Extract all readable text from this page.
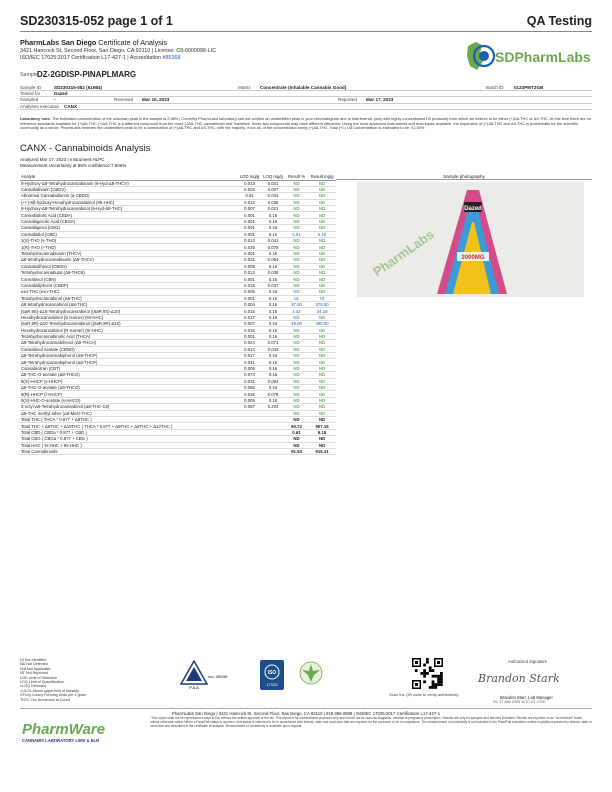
SD230315-052 page 1 of 1	QA Testing
PharmLabs San Diego Certificate of Analysis
3421 Hancock St, Second Floor, San Diego, CA 92110 | License: C8-0000098-LIC
ISO/IEC 17025:2017 Certification L17-427-1 | Accreditation #85368	SDPharmLabs
Sample DZ-2GDISP-PINAPLMARG
Sample ID	SD230315-052 (61984)	Matrix	Concentrate (Inhalable Cannabis Good)	Batch ID	0123PMT2GB
Tested for	Dazed
Sampled	-	Received	Mar 15, 2023	Reported	Mar 17, 2023
Analyses executed CANX
Laboratory note: The estimated concentration of the unknown peak in the sample is 2.36% | Currently PharmLabs laboratory can not confirm an unidentified peak in your chromatogram due to interference (only with highly concentrated D9 products) from which we believe to be either (+)Δ8-THC or Δ9-THC. At this time there are no reference standards available for (+)Δ8-THC (+)Δ9-THC is a different compound from the more (-)Δ8-THC cannabinoid and, therefore, these two compounds may have different efficacies. Using the most advanced instruments and techniques available, the separation of (+)Δ8-THC and Δ9-THC is problematic for the scientific community as a whole. PharmLabs believes the unidentified peak to be a combination of (+)Δ8-THC and Δ9-THC, with the majority, if not all, of the concentration being (+)Δ8-THC. Total (+/-) D8 Concentration is estimated to be: 51.50%
CANX - Cannabinoids Analysis
Analyzed Mar 17, 2023 | Instrument HLPC
Measurement Uncertainty at 95% confidence:7.606%
Analyte	LOD mg/g	LOQ mg/g	Result %	Result mg/g
9-Hydroxy-Δ8-Tetrahydrocannabivarin (9-Hyd-Δ8-THCV)	0.013	0.041	ND	ND
Cannabidivarin (CBDV)	0.002	0.007	ND	ND
Abnormal Cannabidiorcin (a-CBDO)	0.01	0.031	ND	ND
(+/-)-9β-hydroxy-Hexahydrocannabinol (9b-HHC)	0.012	0.036	ND	ND
9-Hydroxy-Δ8-Tetrahydrocannabinol (9-Hyd-Δ8-THC)	0.007	0.021	ND	ND
Cannabidiolic Acid (CBDA)	0.001	0.16	ND	ND
Cannabigerolic Acid (CBGA)	0.001	0.16	ND	ND
Cannabigerol (CBG)	0.001	0.16	ND	ND
Cannabidiol (CBD)	0.001	0.16	0.61	6.15
1(S)-THO (s-THO)	0.013	0.041	ND	ND
1(R)-THO (r-THO)	0.025	0.075	ND	ND
Tetrahydrocannabivarin (THCV)	0.001	0.16	ND	ND
Δ8-tetrahydrocannabivarin (Δ8-THCV)	0.021	0.064	ND	ND
Cannabidihexol (CBDH)	0.005	0.16	ND	ND
Tetrahydrocannabutol (Δ9-THCB)	0.013	0.038	ND	ND
Cannabinol (CBN)	0.001	0.16	ND	ND
Cannabidiphorol (CBDP)	0.015	0.047	ND	ND
exo-THC (exo-THC)	0.005	0.16	ND	ND
Tetrahydrocannabinol (Δ9-THC)	0.001	0.16	UI	UI
Δ8-tetrahydrocannabinol (Δ8-THC)	0.004	0.16	37.50	375.00
(6aR,9S)-Δ10-Tetrahydrocannabinol ((6aR,9S)-Δ10)	0.015	0.16	3.42	34.16
Hexahydrocannabinol (S Isomer) (9s-HHC)	0.017	0.16	ND	ND
(6aR,9R)-Δ10-Tetrahydrocannabinol ((6aR,9R)-Δ10)	0.007	0.16	49.00	490.00
Hexahydrocannabinol (R Isomer) (9r-HHC)	0.016	0.16	ND	ND
Tetrahydrocannabinolic Acid (THCA)	0.001	0.16	ND	ND
Δ9-Tetrahydrocannabihexol (Δ9-THCH)	0.024	0.071	ND	ND
Cannabinol Acetate (CBNO)	0.014	0.043	ND	ND
Δ9-Tetrahydrocannabiphorol (Δ9-THCP)	0.017	0.16	ND	ND
Δ8-Tetrahydrocannabiphorol (Δ8-THCP)	0.041	0.16	ND	ND
Cannabicitran (CBT)	0.005	0.16	ND	ND
Δ8-THC-O-acetate (Δ8-THCO)	0.074	0.16	ND	ND
9(S)-HHCP (s-HHCP)	0.031	0.094	ND	ND
Δ9-THC-O-acetate (Δ9-THCO)	0.066	0.16	ND	ND
9(R)-HHCP (r-HHCP)	0.026	0.079	ND	ND
9(S)-HHC-O-acetate (s-HHCO)	0.005	0.16	ND	ND
3-octyl-Δ8-Tetrahydrocannabinol (Δ8-THC-C8)	0.067	0.204	ND	ND
Δ9-THC methyl ether (Δ9-MeO-THC)			ND	ND
Total THC ( THCA * 0.877 + Δ9THC )			ND	ND
Total THC + Δ8THC + Δ10THC ( THCA * 0.877 + Δ9THC + Δ8THC + Δ10THC )			90.72	907.16
Total CBD ( CBDa * 0.877 + CBD )			0.61	6.15
Total CBG ( CBGa * 0.877 + CBG )			ND	ND
Total HHC ( 9r-HHC + 9s-HHC )			ND	ND
Total Cannabinoids			91.53	915.31
Sample photography
Dazed
2000MG
PharmLabs
UI Not Identified
ND Not Detected
N/A Not Applicable
NT Not Reported
LOD Limit of Detection
LOQ Limit of Quantification
<LOQ Detected
>ULOL Above upper limit of linearity
CFU/g Colony Forming Units per 1 gram
TNTC Too Numerous to Count
PJLA
Acc. #85368
ISO
17025
Scan the QR code to verify authenticity.
Authorized Signature
Brandon Stark
Brandon Starr, Lab Manager
Fri, 17 Mar 2023 11:27:23 -0700
PharmWare
CANNABIS LABORATORY LIMS & ELN
PharmLabs San Diego | 3421 Hancock St, Second Floor, San Diego, CA 92110 | 619.356.0898 | ISO/IEC 17025:2017 Certification L17-427-1
*This report shall not be reproduced except in full, without the written approval of the lab. This report is for informational purposes only and should not be used as diagnosis, medical or pregnancy prescription. Results are only for samples and batches indicated. Results are reported on an "as received" basis, unless otherwise noted. When a Pass/Fail status is reported, that status is intended to be in accordance with federal, state and local laws that are required for the customer to be in compliance. The measurement of uncertainty is not included in the Pass/Fail evaluation unless explicitly requested by federal, state or local laws and described in the certificate of analysis. Measurement of uncertainty is available upon request.
